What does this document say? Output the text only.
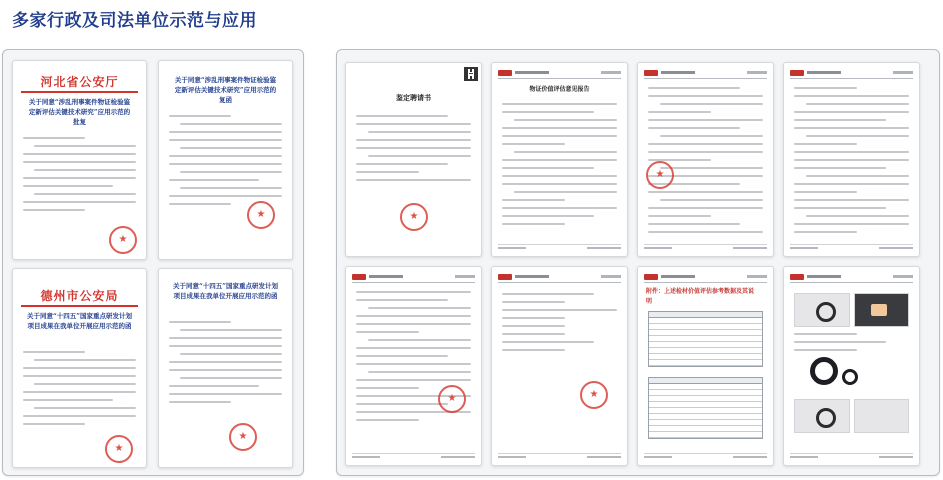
多家行政及司法单位示范与应用
河北省公安厅
关于同意“涉乱刑事案件物证检验鉴定新评估关键技术研究”应用示范的批复
★
关于同意“涉乱刑事案件物证检验鉴定新评估关键技术研究”应用示范的复函
★
德州市公安局
关于同意“十四五”国家重点研发计划项目成果在我单位开展应用示范的函
★
关于同意“十四五”国家重点研发计划项目成果在我单位开展应用示范的函
★
鉴定聘请书
★
物证价值评估意见报告
★
★
★
附件：上述检材价值评估参考数据及其说明
